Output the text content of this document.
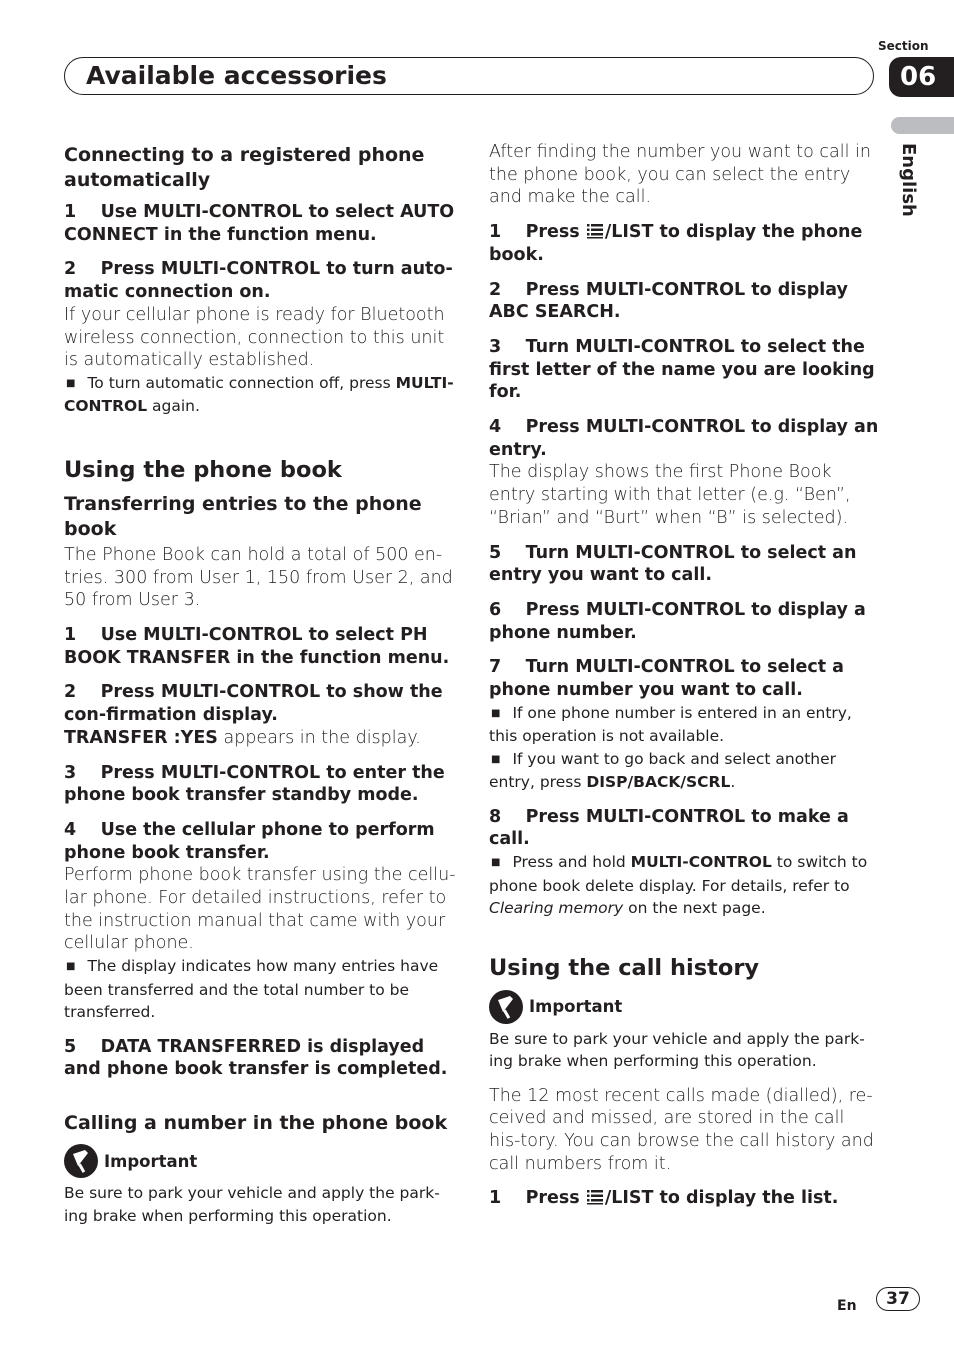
Section
06
Available accessories
English
Connecting to a registered phone automatically
1 Use MULTI-CONTROL to select AUTO CONNECT in the function menu.
2 Press MULTI-CONTROL to turn auto-matic connection on.
If your cellular phone is ready for Bluetooth wireless connection, connection to this unit is automatically established.
■ To turn automatic connection off, press MULTI-CONTROL again.
Using the phone book
Transferring entries to the phone book
The Phone Book can hold a total of 500 en-tries. 300 from User 1, 150 from User 2, and 50 from User 3.
1 Use MULTI-CONTROL to select PH BOOK TRANSFER in the function menu.
2 Press MULTI-CONTROL to show the con-firmation display.
TRANSFER :YES appears in the display.
3 Press MULTI-CONTROL to enter the phone book transfer standby mode.
4 Use the cellular phone to perform phone book transfer.
Perform phone book transfer using the cellu-lar phone. For detailed instructions, refer to the instruction manual that came with your cellular phone.
■ The display indicates how many entries have been transferred and the total number to be transferred.
5 DATA TRANSFERRED is displayed and phone book transfer is completed.
Calling a number in the phone book
Important
Be sure to park your vehicle and apply the park-ing brake when performing this operation.
After finding the number you want to call in the phone book, you can select the entry and make the call.
1 Press /LIST to display the phone book.
2 Press MULTI-CONTROL to display ABC SEARCH.
3 Turn MULTI-CONTROL to select the first letter of the name you are looking for.
4 Press MULTI-CONTROL to display an entry.
The display shows the first Phone Book entry starting with that letter (e.g. “Ben”, “Brian” and “Burt” when “B” is selected).
5 Turn MULTI-CONTROL to select an entry you want to call.
6 Press MULTI-CONTROL to display a phone number.
7 Turn MULTI-CONTROL to select a phone number you want to call.
■ If one phone number is entered in an entry, this operation is not available.
■ If you want to go back and select another entry, press DISP/BACK/SCRL.
8 Press MULTI-CONTROL to make a call.
■ Press and hold MULTI-CONTROL to switch to phone book delete display. For details, refer to Clearing memory on the next page.
Using the call history
Important
Be sure to park your vehicle and apply the park-ing brake when performing this operation.
The 12 most recent calls made (dialled), re-ceived and missed, are stored in the call his-tory. You can browse the call history and call numbers from it.
1 Press /LIST to display the list.
En	37
